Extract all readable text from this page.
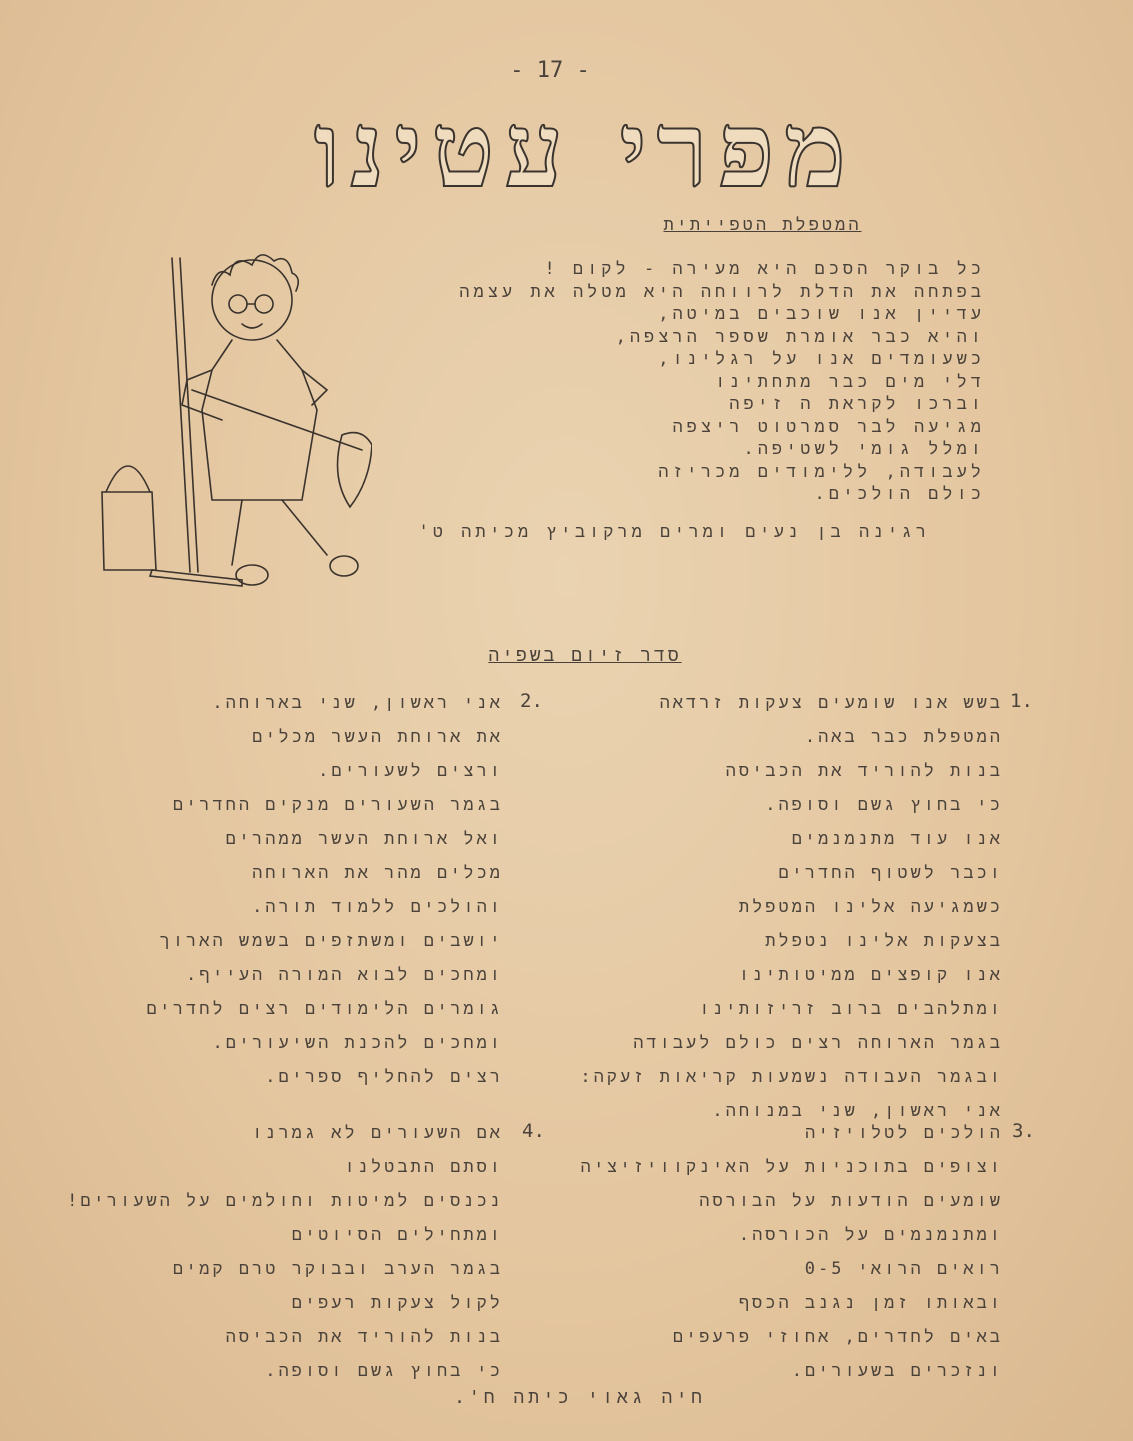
- 17 -
מפרי עטינו
המטפלת הטפייתית
כל בוקר הסכם היא מעירה - לקום !
בפתחה את הדלת לרווחה היא מטלה את עצמה
עדיין אנו שוכבים במיטה,
והיא כבר אומרת שספר הרצפה,
כשעומדים אנו על רגלינו,
דלי מים כבר מתחתינו
וברכו לקראת ה זיפה
מגיעה לבר סמרטוט ריצפה
ומלל גומי לשטיפה.
לעבודה, ללימודים מכריזה
כולם הולכים.
רגינה בן נעים ומרים מרקוביץ מכיתה ט'
סדר זיום בשפיה
1.
2.
3.
4.
בשש אנו שומעים צעקות זרדאה
המטפלת כבר באה.
בנות להוריד את הכביסה
כי בחוץ גשם וסופה.
אנו עוד מתנמנמים
וכבר לשטוף החדרים
כשמגיעה אלינו המטפלת
בצעקות אלינו נטפלת
אנו קופצים ממיטותינו
ומתלהבים ברוב זריזותינו
בגמר הארוחה רצים כולם לעבודה
ובגמר העבודה נשמעות קריאות זעקה:
אני ראשון, שני במנוחה.
אני ראשון, שני בארוחה.
את ארוחת העשר מכלים
ורצים לשעורים.
בגמר השעורים מנקים החדרים
ואל ארוחת העשר ממהרים
מכלים מהר את הארוחה
והולכים ללמוד תורה.
יושבים ומשתזפים בשמש הארוך
ומחכים לבוא המורה העייף.
גומרים הלימודים רצים לחדרים
ומחכים להכנת השיעורים.
רצים להחליף ספרים.
הולכים לטלויזיה
וצופים בתוכניות על האינקוויזיציה
שומעים הודעות על הבורסה
ומתנמנמים על הכורסה.
רואים הרואי 0-5
ובאותו זמן נגנב הכסף
באים לחדרים, אחוזי פרעפים
ונזכרים בשעורים.
אם השעורים לא גמרנו
וסתם התבטלנו
נכנסים למיטות וחולמים על השעורים!
ומתחילים הסיוטים
בגמר הערב ובבוקר טרם קמים
לקול צעקות רעפים
בנות להוריד את הכביסה
כי בחוץ גשם וסופה.
חיה גאוי כיתה ח'.
